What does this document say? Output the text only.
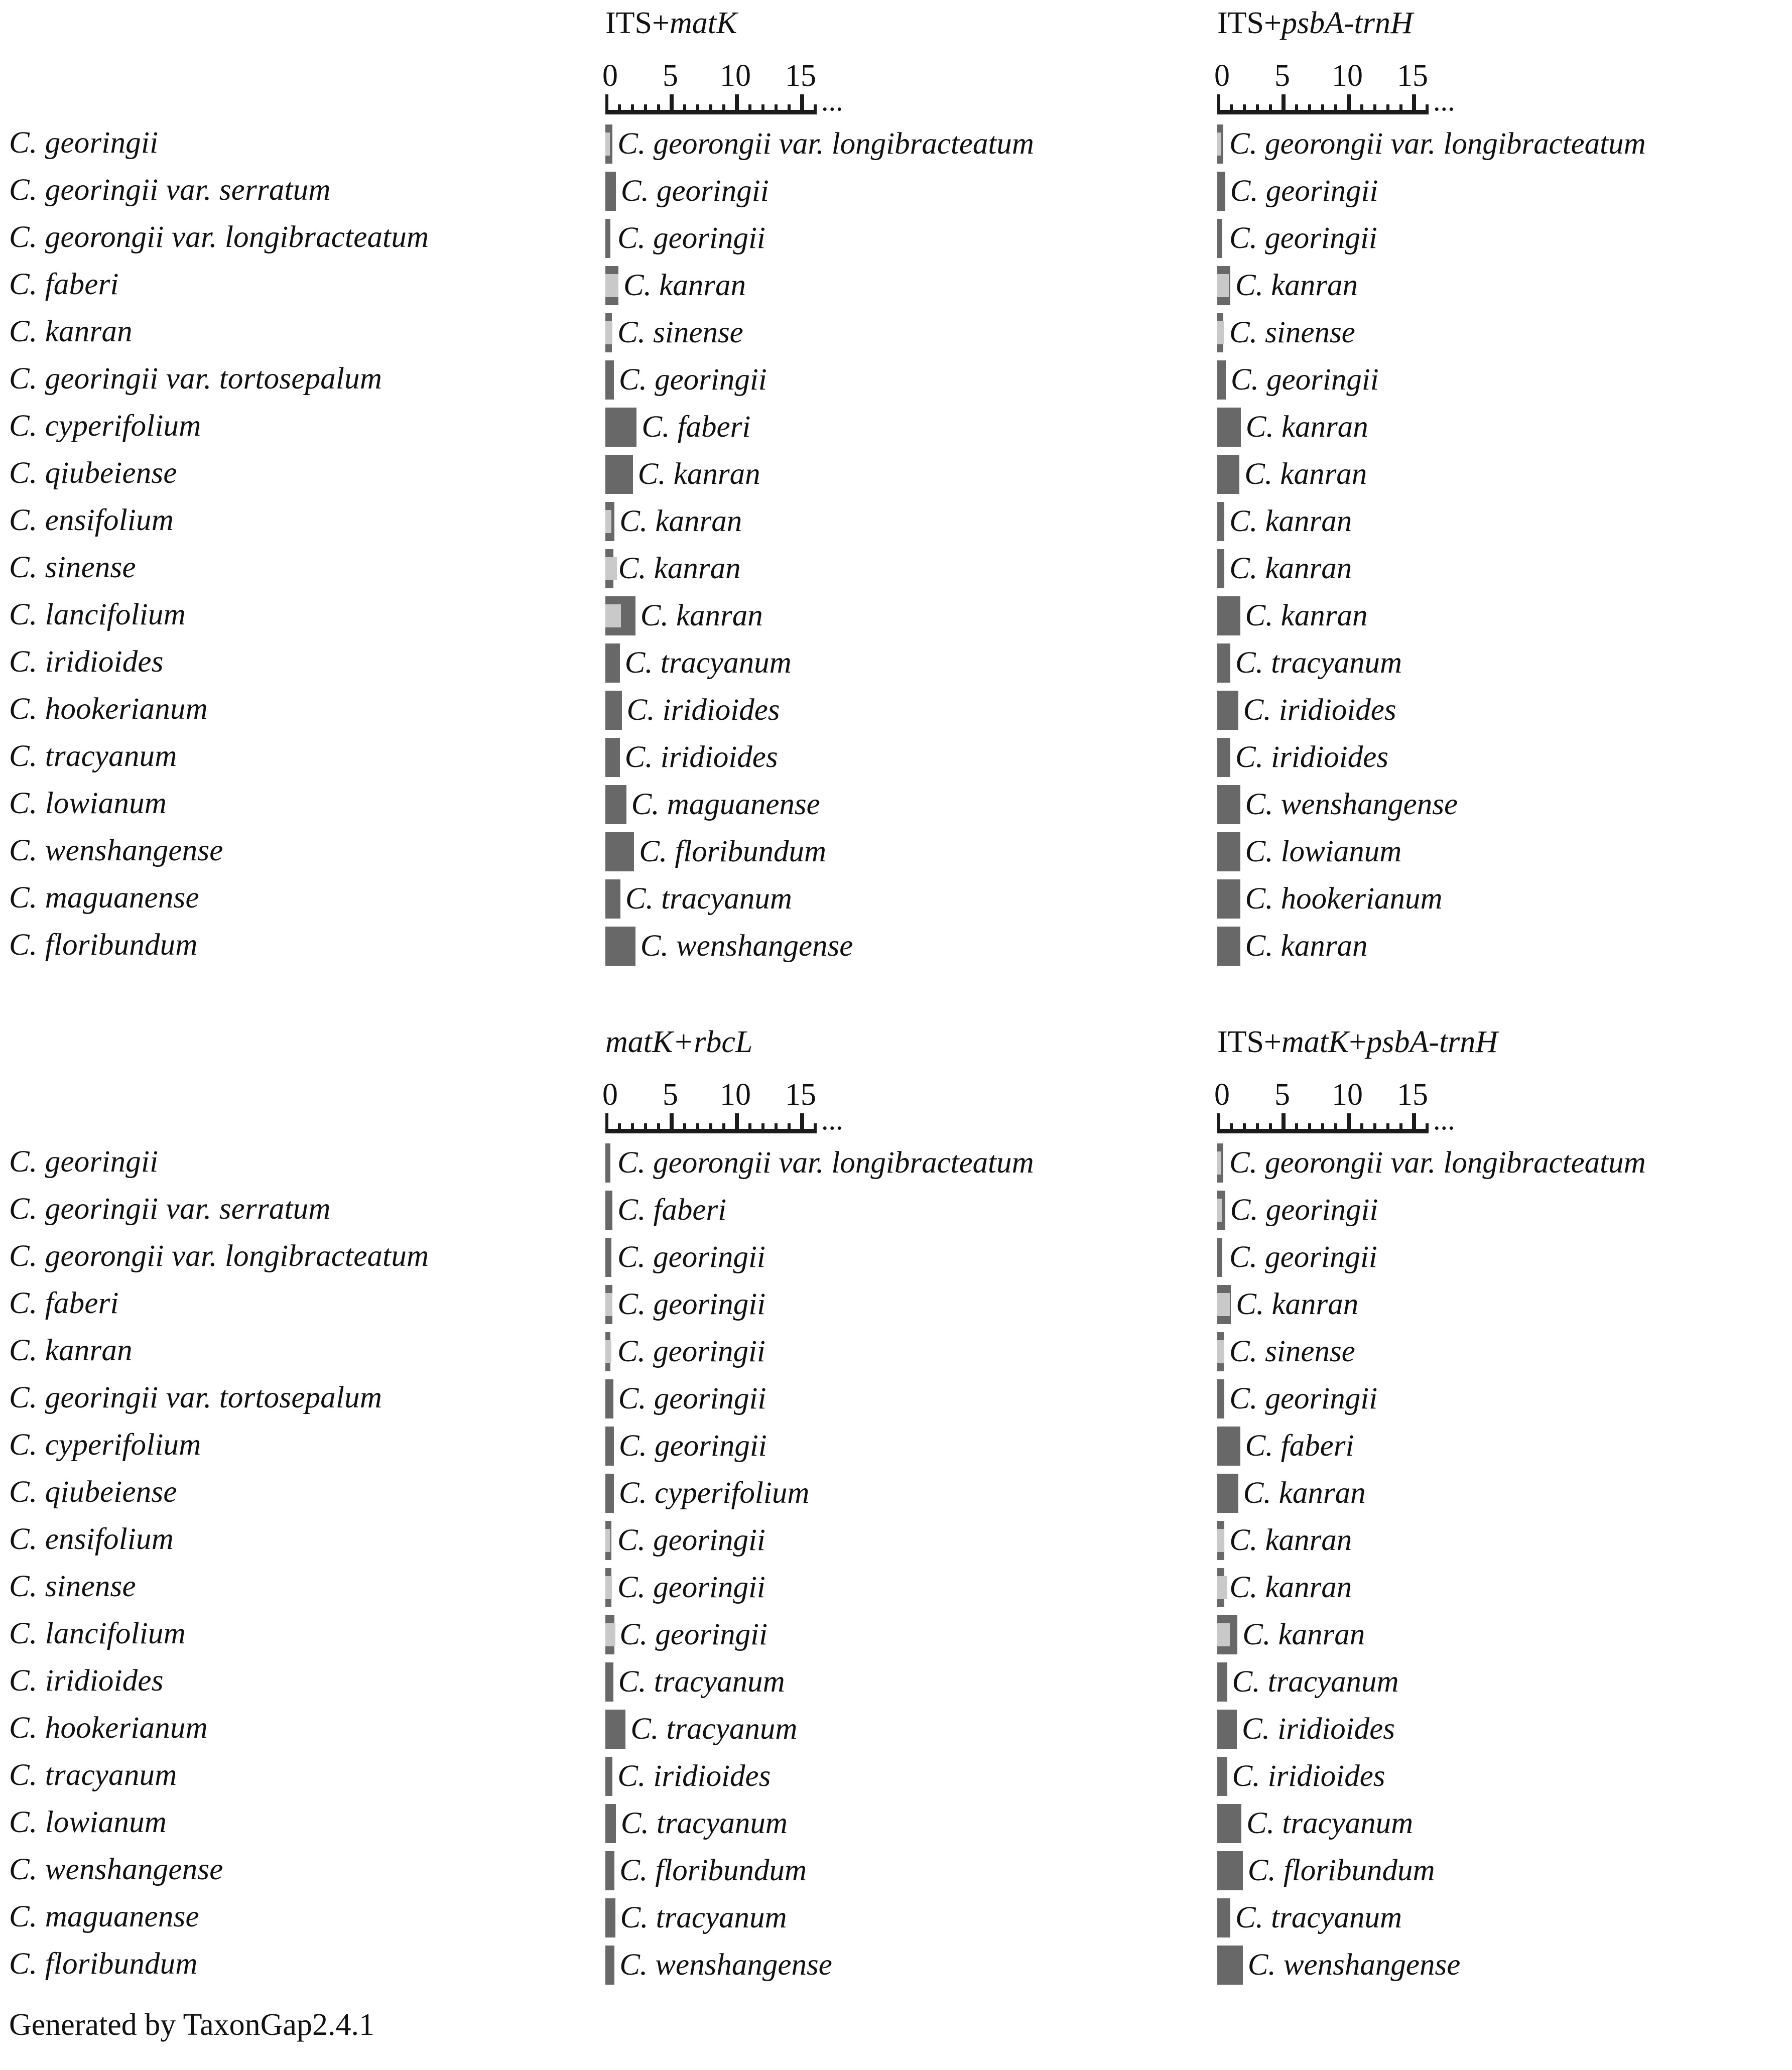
C. georingii
C. georingii var. serratum
C. georongii var. longibracteatum
C. faberi
C. kanran
C. georingii var. tortosepalum
C. cyperifolium
C. qiubeiense
C. ensifolium
C. sinense
C. lancifolium
C. iridioides
C. hookerianum
C. tracyanum
C. lowianum
C. wenshangense
C. maguanense
C. floribundum
C. georingii
C. georingii var. serratum
C. georongii var. longibracteatum
C. faberi
C. kanran
C. georingii var. tortosepalum
C. cyperifolium
C. qiubeiense
C. ensifolium
C. sinense
C. lancifolium
C. iridioides
C. hookerianum
C. tracyanum
C. lowianum
C. wenshangense
C. maguanense
C. floribundum
ITS+matK
0 5 10 15
...
C. georongii var. longibracteatum
C. georingii
C. georingii
C. kanran
C. sinense
C. georingii
C. faberi
C. kanran
C. kanran
C. kanran
C. kanran
C. tracyanum
C. iridioides
C. iridioides
C. maguanense
C. floribundum
C. tracyanum
C. wenshangense
ITS+psbA-trnH
0 5 10 15
...
C. georongii var. longibracteatum
C. georingii
C. georingii
C. kanran
C. sinense
C. georingii
C. kanran
C. kanran
C. kanran
C. kanran
C. kanran
C. tracyanum
C. iridioides
C. iridioides
C. wenshangense
C. lowianum
C. hookerianum
C. kanran
matK+rbcL
0 5 10 15
...
C. georongii var. longibracteatum
C. faberi
C. georingii
C. georingii
C. georingii
C. georingii
C. georingii
C. cyperifolium
C. georingii
C. georingii
C. georingii
C. tracyanum
C. tracyanum
C. iridioides
C. tracyanum
C. floribundum
C. tracyanum
C. wenshangense
ITS+matK+psbA-trnH
0 5 10 15
...
C. georongii var. longibracteatum
C. georingii
C. georingii
C. kanran
C. sinense
C. georingii
C. faberi
C. kanran
C. kanran
C. kanran
C. kanran
C. tracyanum
C. iridioides
C. iridioides
C. tracyanum
C. floribundum
C. tracyanum
C. wenshangense
Generated by TaxonGap2.4.1
